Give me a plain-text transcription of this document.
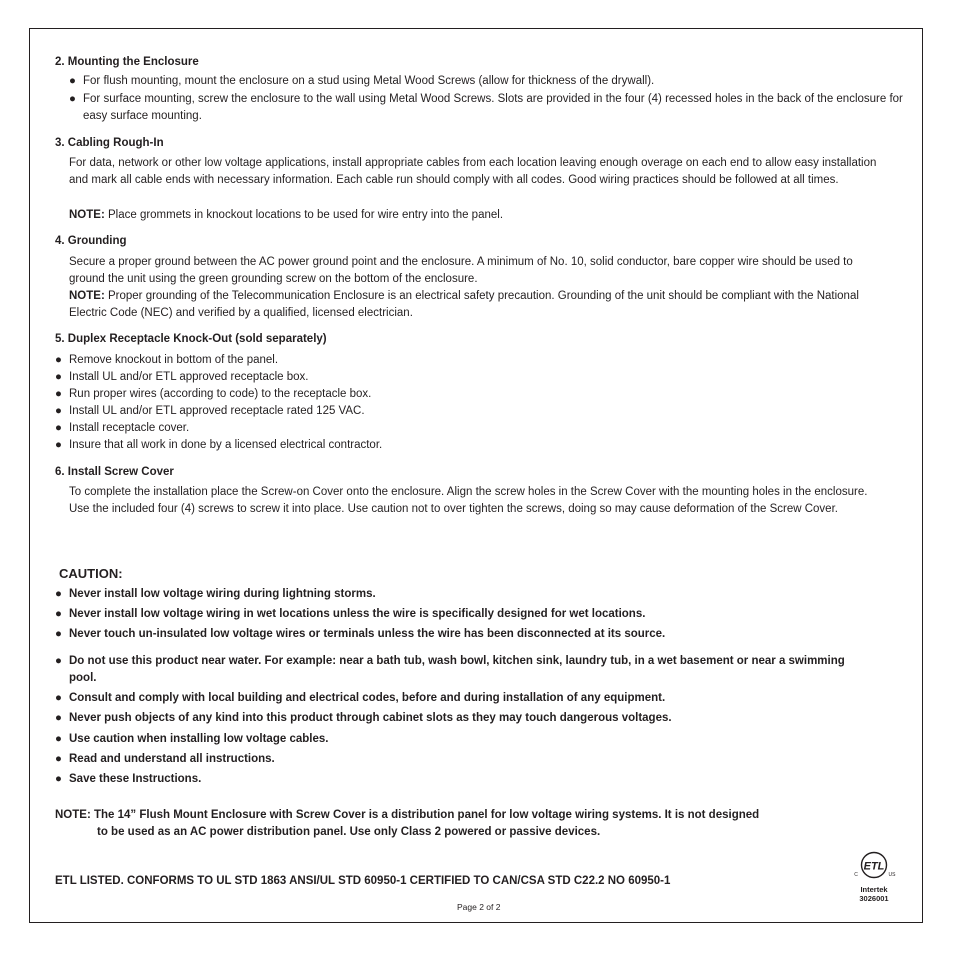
2. Mounting the Enclosure
● For flush mounting, mount the enclosure on a stud using Metal Wood Screws (allow for thickness of the drywall).
● For surface mounting, screw the enclosure to the wall using Metal Wood Screws. Slots are provided in the four (4) recessed holes in the back of the enclosure for easy surface mounting.
3. Cabling Rough-In
For data, network or other low voltage applications, install appropriate cables from each location leaving enough overage on each end to allow easy installation and mark all cable ends with necessary information. Each cable run should comply with all codes. Good wiring practices should be followed at all times.
NOTE: Place grommets in knockout locations to be used for wire entry into the panel.
4. Grounding
Secure a proper ground between the AC power ground point and the enclosure. A minimum of No. 10, solid conductor, bare copper wire should be used to ground the unit using the green grounding screw on the bottom of the enclosure.
NOTE: Proper grounding of the Telecommunication Enclosure is an electrical safety precaution. Grounding of the unit should be compliant with the National Electric Code (NEC) and verified by a qualified, licensed electrician.
5. Duplex Receptacle Knock-Out (sold separately)
● Remove knockout in bottom of the panel.
● Install UL and/or ETL approved receptacle box.
● Run proper wires (according to code) to the receptacle box.
● Install UL and/or ETL approved receptacle rated 125 VAC.
● Install receptacle cover.
● Insure that all work in done by a licensed electrical contractor.
6. Install Screw Cover
To complete the installation place the Screw-on Cover onto the enclosure. Align the screw holes in the Screw Cover with the mounting holes in the enclosure. Use the included four (4) screws to screw it into place. Use caution not to over tighten the screws, doing so may cause deformation of the Screw Cover.
CAUTION:
● Never install low voltage wiring during lightning storms.
● Never install low voltage wiring in wet locations unless the wire is specifically designed for wet locations.
● Never touch un-insulated low voltage wires or terminals unless the wire has been disconnected at its source.
● Do not use this product near water. For example: near a bath tub, wash bowl, kitchen sink, laundry tub, in a wet basement or near a swimming pool.
● Consult and comply with local building and electrical codes, before and during installation of any equipment.
● Never push objects of any kind into this product through cabinet slots as they may touch dangerous voltages.
● Use caution when installing low voltage cables.
● Read and understand all instructions.
● Save these Instructions.
NOTE: The 14” Flush Mount Enclosure with Screw Cover is a distribution panel for low voltage wiring systems. It is not designed
to be used as an AC power distribution panel. Use only Class 2 powered or passive devices.
ETL LISTED. CONFORMS TO UL STD 1863 ANSI/UL STD 60950-1 CERTIFIED TO CAN/CSA STD C22.2 NO 60950-1
ETL
C	US
Intertek
3026001
Page 2 of 2
